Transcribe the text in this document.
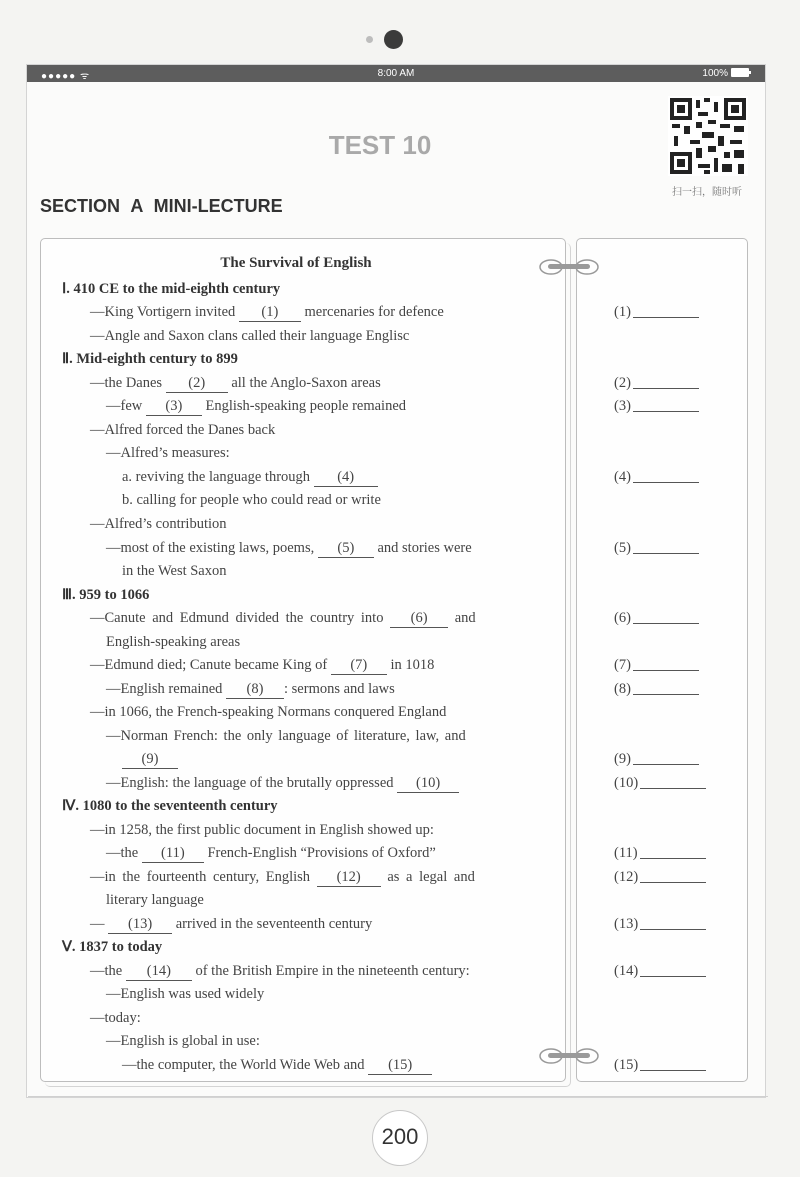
●●●●● ᯤ	8:00 AM	100%
TEST 10
扫一扫，随时听
SECTION A MINI-LECTURE
The Survival of English
Ⅰ. 410 CE to the mid-eighth century
—King Vortigern invited (1) mercenaries for defence
—Angle and Saxon clans called their language Englisc
Ⅱ. Mid-eighth century to 899
—the Danes (2) all the Anglo-Saxon areas
—few (3) English-speaking people remained
—Alfred forced the Danes back
—Alfred’s measures:
a. reviving the language through (4)
b. calling for people who could read or write
—Alfred’s contribution
—most of the existing laws, poems, (5) and stories were
in the West Saxon
Ⅲ. 959 to 1066
—Canute and Edmund divided the country into (6) and
English-speaking areas
—Edmund died; Canute became King of (7) in 1018
—English remained (8) : sermons and laws
—in 1066, the French-speaking Normans conquered England
—Norman French: the only language of literature, law, and
(9)
—English: the language of the brutally oppressed (10)
Ⅳ. 1080 to the seventeenth century
—in 1258, the first public document in English showed up:
—the (11) French-English “Provisions of Oxford”
—in the fourteenth century, English (12) as a legal and
literary language
— (13) arrived in the seventeenth century
Ⅴ. 1837 to today
—the (14) of the British Empire in the nineteenth century:
—English was used widely
—today:
—English is global in use:
—the computer, the World Wide Web and (15)
(1)
(2)
(3)
(4)
(5)
(6)
(7)
(8)
(9)
(10)
(11)
(12)
(13)
(14)
(15)
200
